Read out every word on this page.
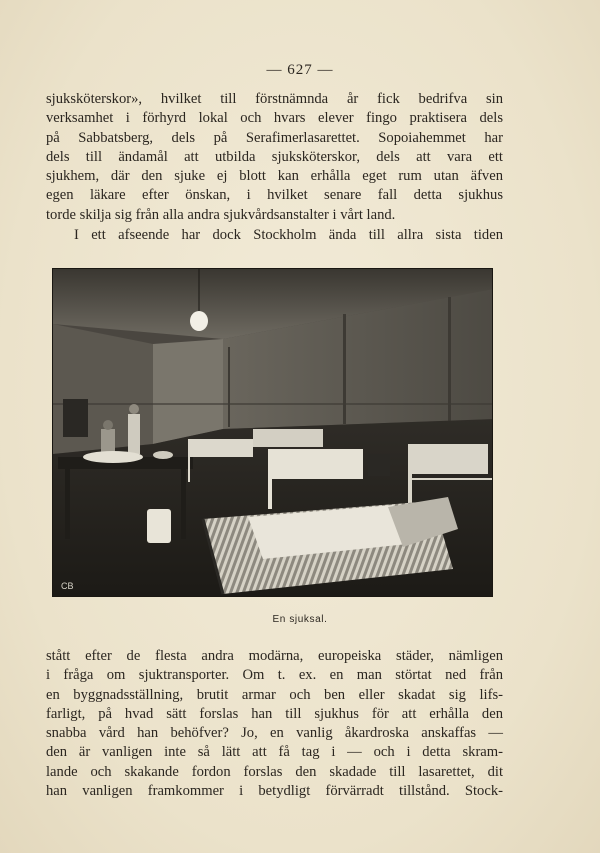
— 627 —

sjuksköterskor», hvilket till förstnämnda år fick bedrifva sin
verksamhet i förhyrd lokal och hvars elever fingo praktisera dels
på Sabbatsberg, dels på Serafimerlasarettet. Sopoiahemmet har
dels till ändamål att utbilda sjuksköterskor, dels att vara ett
sjukhem, där den sjuke ej blott kan erhålla eget rum utan äfven
egen läkare efter önskan, i hvilket senare fall detta sjukhus
torde skilja sig från alla andra sjukvårdsanstalter i vårt land.

I ett afseende har dock Stockholm ända till allra sista tiden

CB
En sjuksal.

stått efter de flesta andra modärna, europeiska städer, nämligen
i fråga om sjuktransporter. Om t. ex. en man störtat ned från
en byggnadsställning, brutit armar och ben eller skadat sig lifs-
farligt, på hvad sätt forslas han till sjukhus för att erhålla den
snabba vård han behöfver? Jo, en vanlig åkardroska anskaffas —
den är vanligen inte så lätt att få tag i — och i detta skram-
lande och skakande fordon forslas den skadade till lasarettet, dit
han vanligen framkommer i betydligt förvärradt tillstånd. Stock-
